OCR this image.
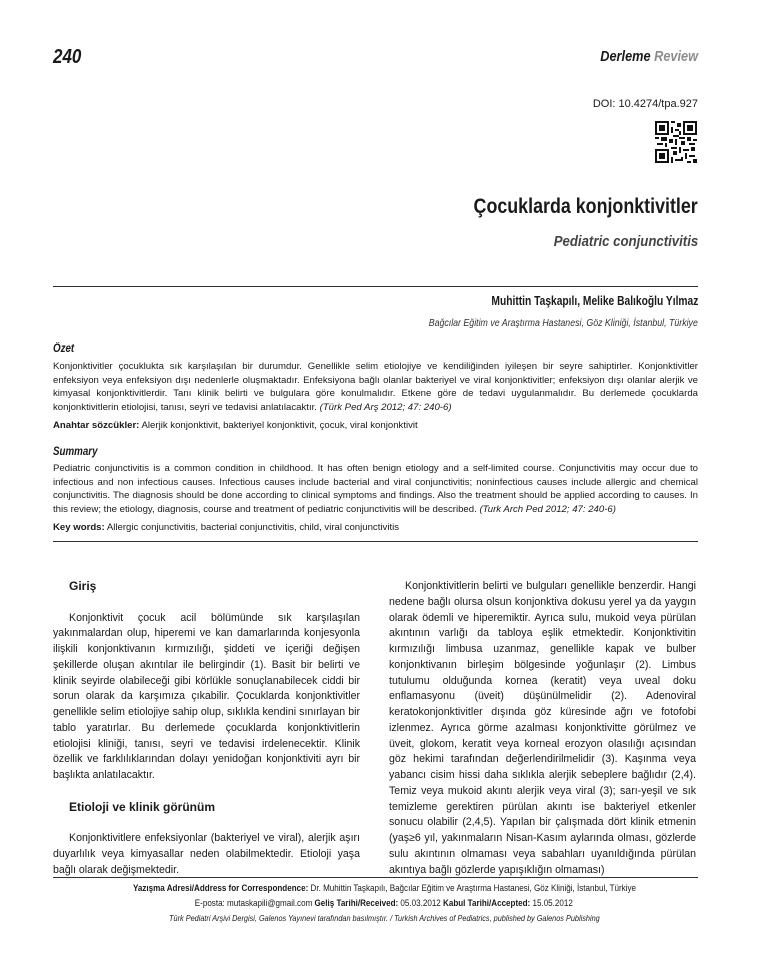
240	Derleme Review
DOI: 10.4274/tpa.927
Çocuklarda konjonktivitler
Pediatric conjunctivitis
Muhittin Taşkapılı, Melike Balıkoğlu Yılmaz
Bağcılar Eğitim ve Araştırma Hastanesi, Göz Kliniği, İstanbul, Türkiye
Özet

Konjonktivitler çocuklukta sık karşılaşılan bir durumdur. Genellikle selim etiolojiye ve kendiliğinden iyileşen bir seyre sahiptirler. Konjonktivitler enfeksiyon veya enfeksiyon dışı nedenlerle oluşmaktadır. Enfeksiyona bağlı olanlar bakteriyel ve viral konjonktivitler; enfeksiyon dışı olanlar alerjik ve kimyasal konjonktivitlerdir. Tanı klinik belirti ve bulgulara göre konulmalıdır. Etkene göre de tedavi uygulanmalıdır. Bu derlemede çocuklarda konjonktivitlerin etiolojisi, tanısı, seyri ve tedavisi anlatılacaktır. (Türk Ped Arş 2012; 47: 240-6)

Anahtar sözcükler: Alerjik konjonktivit, bakteriyel konjonktivit, çocuk, viral konjonktivit
Summary

Pediatric conjunctivitis is a common condition in childhood. It has often benign etiology and a self-limited course. Conjunctivitis may occur due to infectious and non infectious causes. Infectious causes include bacterial and viral conjunctivitis; noninfectious causes include allergic and chemical conjunctivitis. The diagnosis should be done according to clinical symptoms and findings. Also the treatment should be applied according to causes. In this review; the etiology, diagnosis, course and treatment of pediatric conjunctivitis will be described. (Turk Arch Ped 2012; 47: 240-6)

Key words: Allergic conjunctivitis, bacterial conjunctivitis, child, viral conjunctivitis
Giriş

Konjonktivit çocuk acil bölümünde sık karşılaşılan yakınmalardan olup, hiperemi ve kan damarlarında konjesyonla ilişkili konjonktivanın kırmızılığı, şiddeti ve içeriği değişen şekillerde oluşan akıntılar ile belirgindir (1). Basit bir belirti ve klinik seyirde olabileceği gibi körlükle sonuçlanabilecek ciddi bir sorun olarak da karşımıza çıkabilir. Çocuklarda konjonktivitler genellikle selim etiolojiye sahip olup, sıklıkla kendini sınırlayan bir tablo yaratırlar. Bu derlemede çocuklarda konjonktivitlerin etiolojisi kliniği, tanısı, seyri ve tedavisi irdelenecektir. Klinik özellik ve farklılıklarından dolayı yenidoğan konjonktiviti ayrı bir başlıkta anlatılacaktır.

Etioloji ve klinik görünüm

Konjonktivitlere enfeksiyonlar (bakteriyel ve viral), alerjik aşırı duyarlılık veya kimyasallar neden olabilmektedir. Etioloji yaşa bağlı olarak değişmektedir.

Konjonktivitlerin belirti ve bulguları genellikle benzerdir. Hangi nedene bağlı olursa olsun konjonktiva dokusu yerel ya da yaygın olarak ödemli ve hiperemiktir. Ayrıca sulu, mukoid veya pürülan akıntının varlığı da tabloya eşlik etmektedir. Konjonktivitin kırmızılığı limbusa uzanmaz, genellikle kapak ve bulber konjonktivanın birleşim bölgesinde yoğunlaşır (2). Limbus tutulumu olduğunda kornea (keratit) veya uveal doku enflamasyonu (üveit) düşünülmelidir (2). Adenoviral keratokonjonktivitler dışında göz küresinde ağrı ve fotofobi izlenmez. Ayrıca görme azalması konjonktivitte görülmez ve üveit, glokom, keratit veya korneal erozyon olasılığı açısından göz hekimi tarafından değerlendirilmelidir (3). Kaşınma veya yabancı cisim hissi daha sıklıkla alerjik sebeplere bağlıdır (2,4). Temiz veya mukoid akıntı alerjik veya viral (3); sarı-yeşil ve sık temizleme gerektiren pürülan akıntı ise bakteriyel etkenler sonucu olabilir (2,4,5). Yapılan bir çalışmada dört klinik etmenin (yaş≥6 yıl, yakınmaların Nisan-Kasım aylarında olması, gözlerde sulu akıntının olmaması veya sabahları uyanıldığında pürülan akıntıya bağlı gözlerde yapışıklığın olmaması)

Yazışma Adresi/Address for Correspondence: Dr. Muhittin Taşkapılı, Bağcılar Eğitim ve Araştırma Hastanesi, Göz Kliniği, İstanbul, Türkiye
E-posta: mutaskapili@gmail.com Geliş Tarihi/Received: 05.03.2012 Kabul Tarihi/Accepted: 15.05.2012
Türk Pediatri Arşivi Dergisi, Galenos Yayınevi tarafından basılmıştır. / Turkish Archives of Pediatrics, published by Galenos Publishing
